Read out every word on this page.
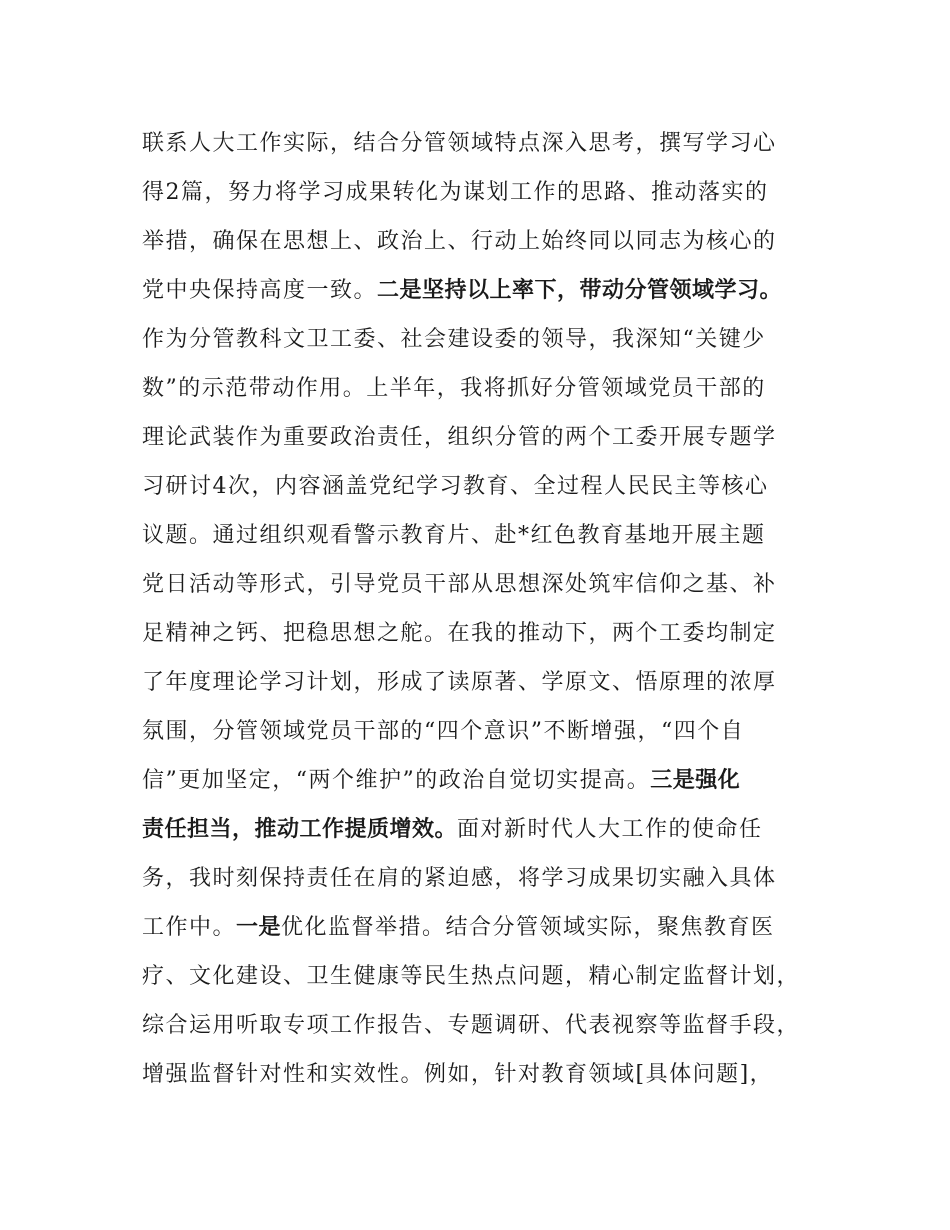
联系人大工作实际，结合分管领域特点深入思考，撰写学习心
得2篇，努力将学习成果转化为谋划工作的思路、推动落实的
举措，确保在思想上、政治上、行动上始终同以同志为核心的
党中央保持高度一致。二是坚持以上率下，带动分管领域学习。
作为分管教科文卫工委、社会建设委的领导，我深知“关键少
数”的示范带动作用。上半年，我将抓好分管领域党员干部的
理论武装作为重要政治责任，组织分管的两个工委开展专题学
习研讨4次，内容涵盖党纪学习教育、全过程人民民主等核心
议题。通过组织观看警示教育片、赴*红色教育基地开展主题
党日活动等形式，引导党员干部从思想深处筑牢信仰之基、补
足精神之钙、把稳思想之舵。在我的推动下，两个工委均制定
了年度理论学习计划，形成了读原著、学原文、悟原理的浓厚
氛围，分管领域党员干部的“四个意识”不断增强，“四个自
信”更加坚定，“两个维护”的政治自觉切实提高。三是强化
责任担当，推动工作提质增效。面对新时代人大工作的使命任
务，我时刻保持责任在肩的紧迫感，将学习成果切实融入具体
工作中。一是优化监督举措。结合分管领域实际，聚焦教育医
疗、文化建设、卫生健康等民生热点问题，精心制定监督计划，
综合运用听取专项工作报告、专题调研、代表视察等监督手段，
增强监督针对性和实效性。例如，针对教育领域[具体问题]，
